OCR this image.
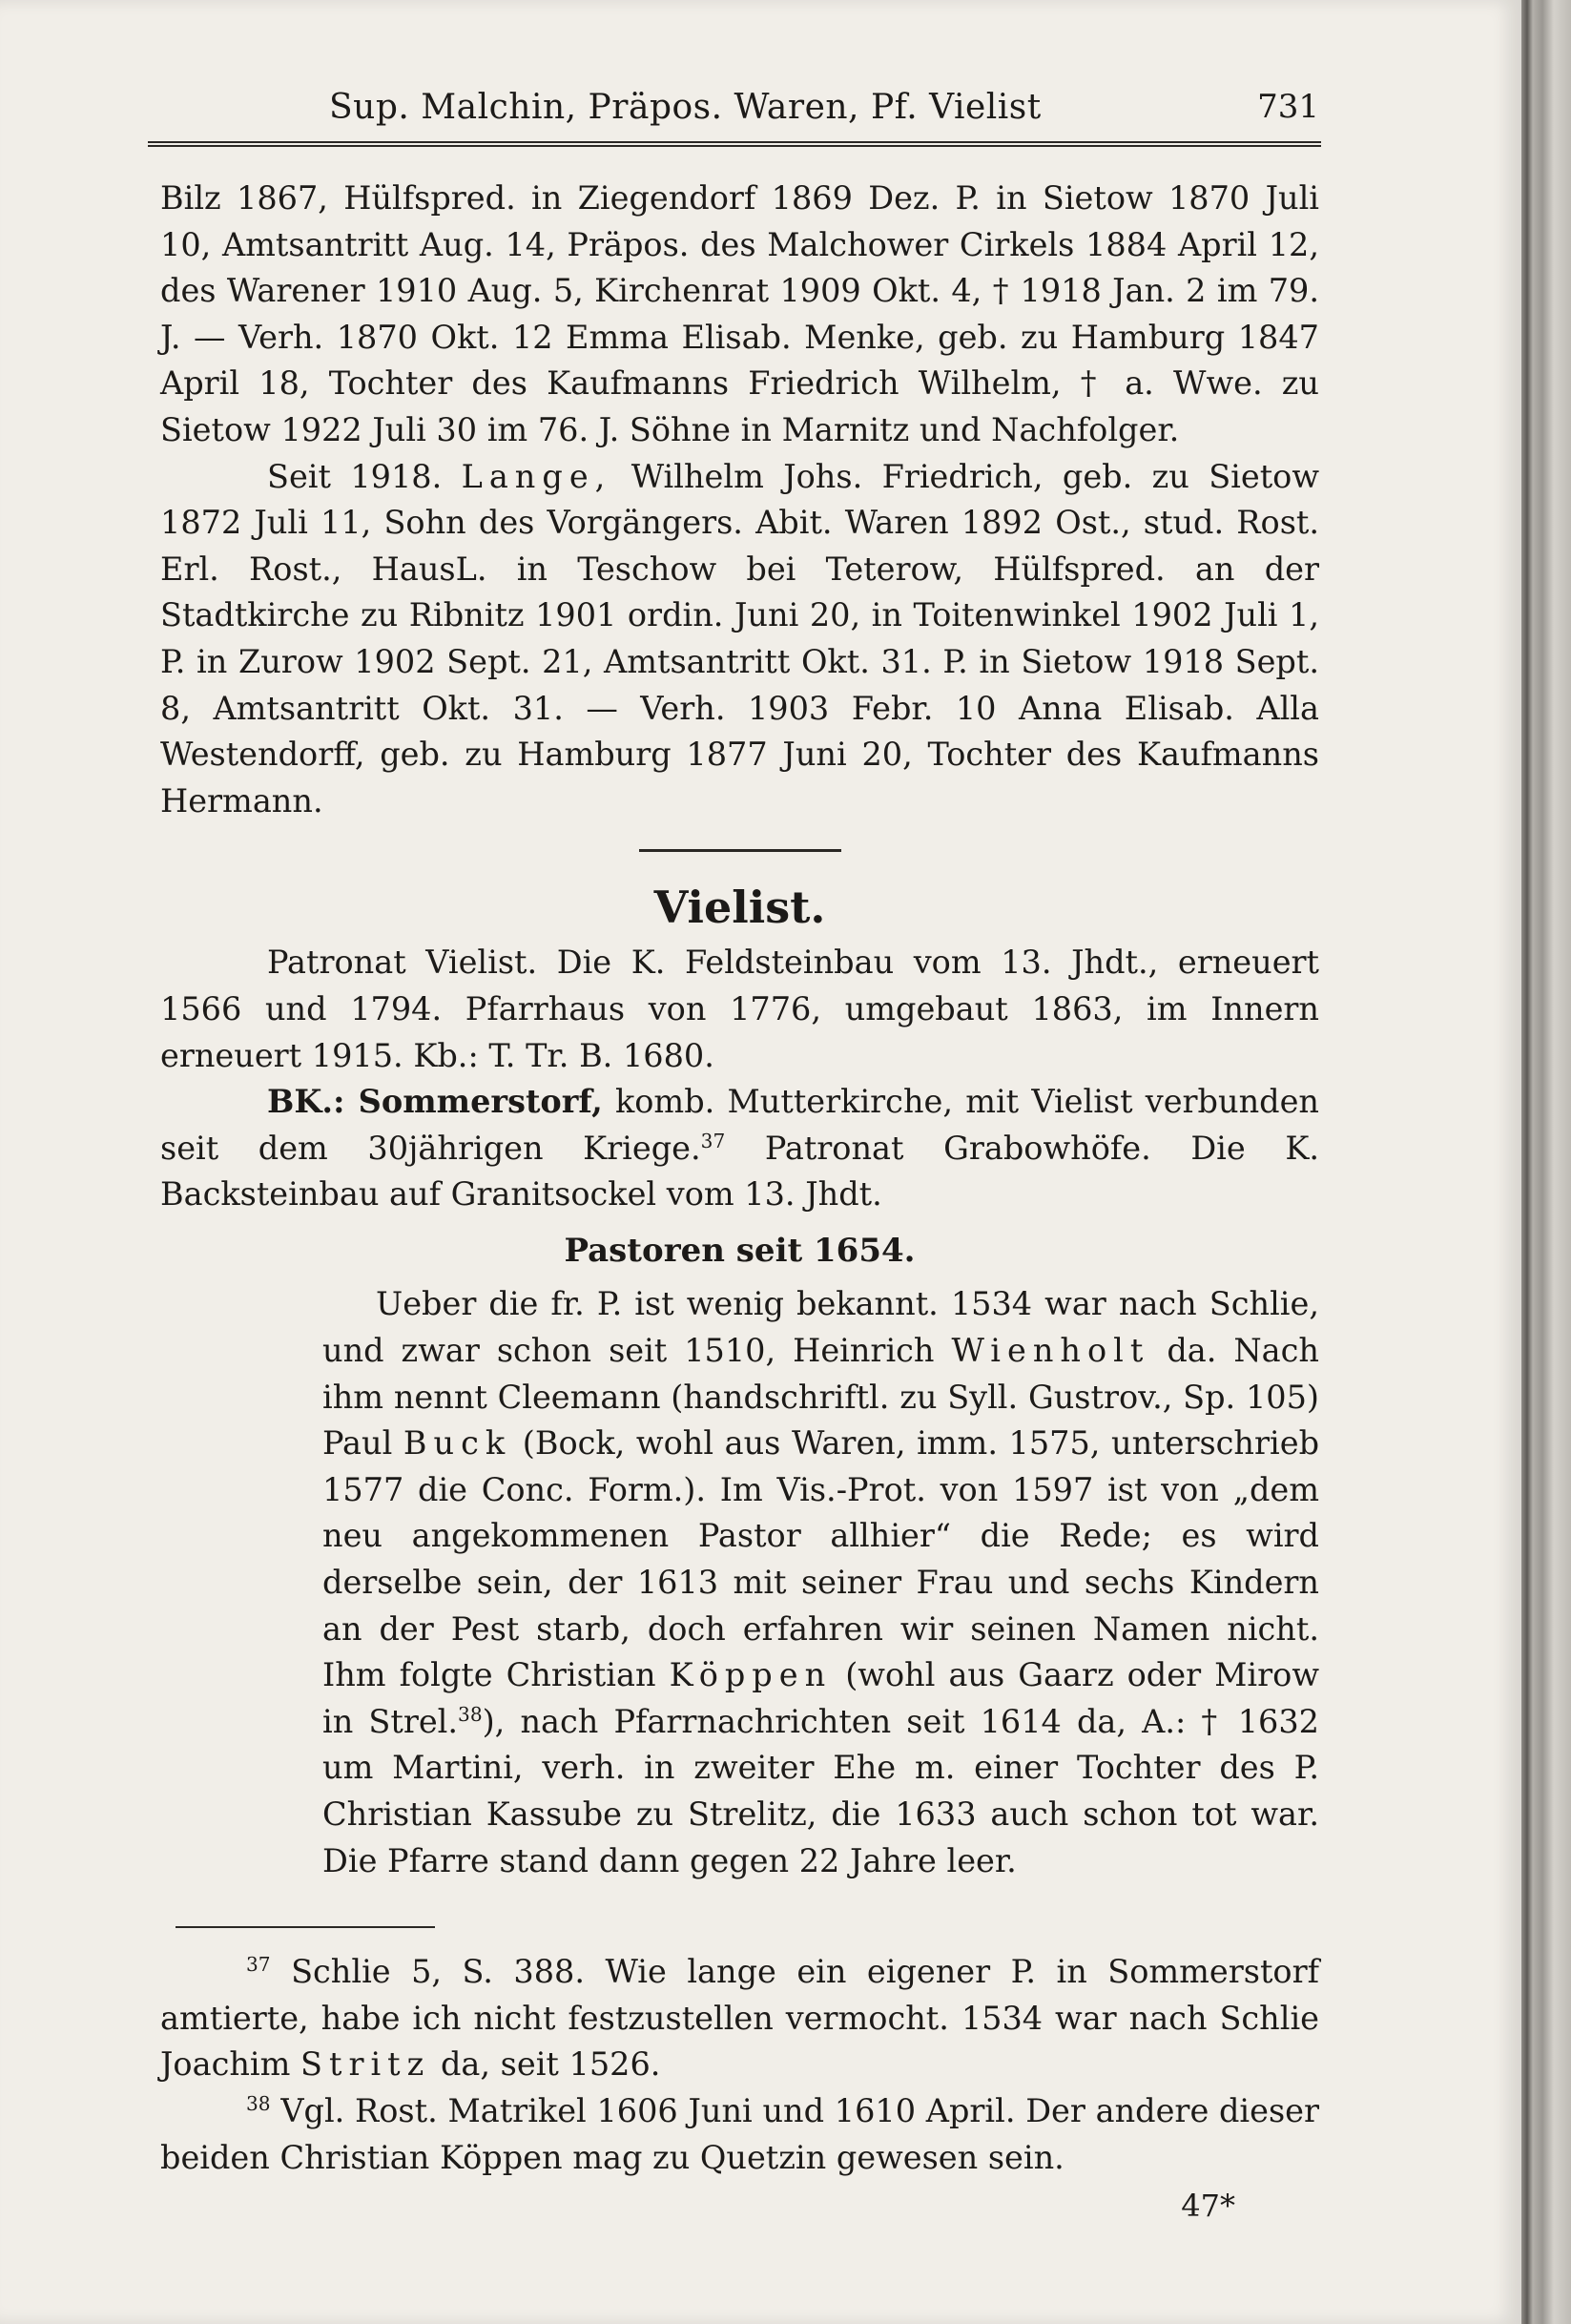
Sup. Malchin, Präpos. Waren, Pf. Vielist	731

Bilz 1867, Hülfspred. in Ziegendorf 1869 Dez. P. in Sietow 1870 Juli 10, Amtsantritt Aug. 14, Präpos. des Malchower Cirkels 1884 April 12, des Warener 1910 Aug. 5, Kirchenrat 1909 Okt. 4, † 1918 Jan. 2 im 79. J. — Verh. 1870 Okt. 12 Emma Elisab. Menke, geb. zu Hamburg 1847 April 18, Tochter des Kaufmanns Friedrich Wilhelm, † a. Wwe. zu Sietow 1922 Juli 30 im 76. J. Söhne in Marnitz und Nachfolger.

Seit 1918. Lange, Wilhelm Johs. Friedrich, geb. zu Sietow 1872 Juli 11, Sohn des Vorgängers. Abit. Waren 1892 Ost., stud. Rost. Erl. Rost., HausL. in Teschow bei Teterow, Hülfspred. an der Stadtkirche zu Ribnitz 1901 ordin. Juni 20, in Toitenwinkel 1902 Juli 1, P. in Zurow 1902 Sept. 21, Amtsantritt Okt. 31. P. in Sietow 1918 Sept. 8, Amtsantritt Okt. 31. — Verh. 1903 Febr. 10 Anna Elisab. Alla Westendorff, geb. zu Hamburg 1877 Juni 20, Tochter des Kaufmanns Hermann.

Vielist.

Patronat Vielist. Die K. Feldsteinbau vom 13. Jhdt., erneuert 1566 und 1794. Pfarrhaus von 1776, umgebaut 1863, im Innern erneuert 1915. Kb.: T. Tr. B. 1680.

BK.: Sommerstorf, komb. Mutterkirche, mit Vielist verbunden seit dem 30jährigen Kriege.$^{37}$ Patronat Grabowhöfe. Die K. Backsteinbau auf Granitsockel vom 13. Jhdt.

Pastoren seit 1654.

Ueber die fr. P. ist wenig bekannt. 1534 war nach Schlie, und zwar schon seit 1510, Heinrich Wienholt da. Nach ihm nennt Cleemann (handschriftl. zu Syll. Gustrov., Sp. 105) Paul Buck (Bock, wohl aus Waren, imm. 1575, unterschrieb 1577 die Conc. Form.). Im Vis.-Prot. von 1597 ist von „dem neu angekommenen Pastor allhier“ die Rede; es wird derselbe sein, der 1613 mit seiner Frau und sechs Kindern an der Pest starb, doch erfahren wir seinen Namen nicht. Ihm folgte Christian Köppen (wohl aus Gaarz oder Mirow in Strel.$^{38}$), nach Pfarrnachrichten seit 1614 da, A.: † 1632 um Martini, verh. in zweiter Ehe m. einer Tochter des P. Christian Kassube zu Strelitz, die 1633 auch schon tot war. Die Pfarre stand dann gegen 22 Jahre leer.

$^{37}$ Schlie 5, S. 388. Wie lange ein eigener P. in Sommerstorf amtierte, habe ich nicht festzustellen vermocht. 1534 war nach Schlie Joachim Stritz da, seit 1526.

$^{38}$ Vgl. Rost. Matrikel 1606 Juni und 1610 April. Der andere dieser beiden Christian Köppen mag zu Quetzin gewesen sein.

47*
